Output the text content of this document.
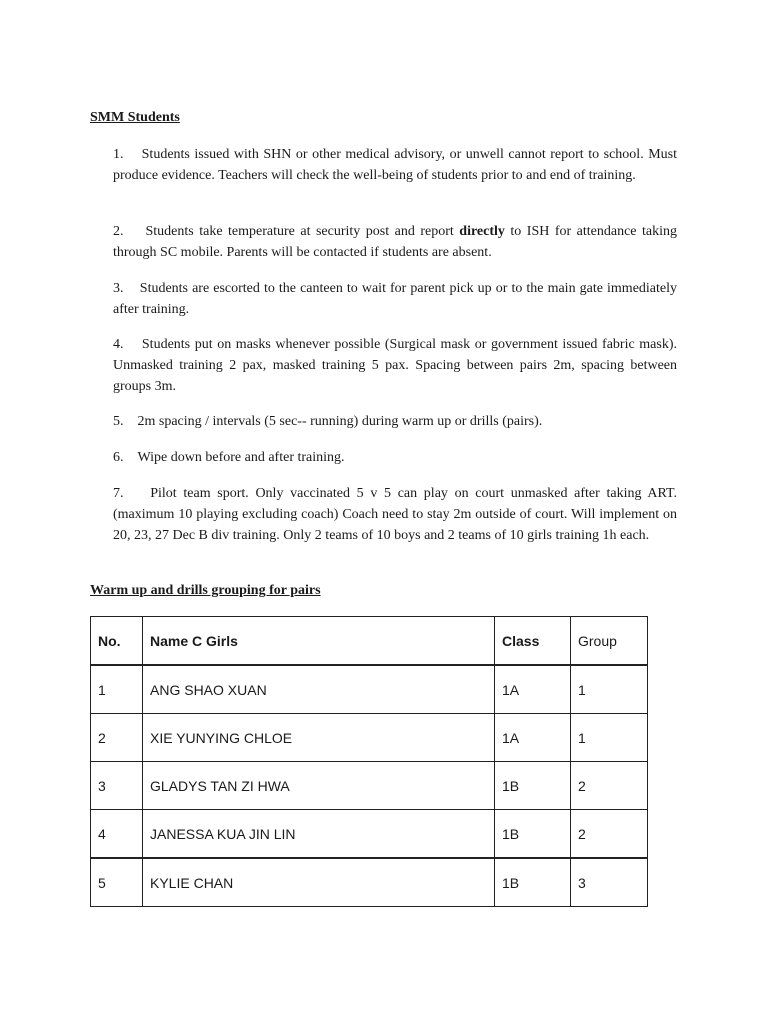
SMM Students

1. Students issued with SHN or other medical advisory, or unwell cannot report to school. Must produce evidence. Teachers will check the well-being of students prior to and end of training.

2. Students take temperature at security post and report directly to ISH for attendance taking through SC mobile. Parents will be contacted if students are absent.

3. Students are escorted to the canteen to wait for parent pick up or to the main gate immediately after training.

4. Students put on masks whenever possible (Surgical mask or government issued fabric mask). Unmasked training 2 pax, masked training 5 pax. Spacing between pairs 2m, spacing between groups 3m.

5. 2m spacing / intervals (5 sec-- running) during warm up or drills (pairs).

6. Wipe down before and after training.

7. Pilot team sport. Only vaccinated 5 v 5 can play on court unmasked after taking ART. (maximum 10 playing excluding coach) Coach need to stay 2m outside of court. Will implement on 20, 23, 27 Dec B div training. Only 2 teams of 10 boys and 2 teams of 10 girls training 1h each.

Warm up and drills grouping for pairs
No.	Name C Girls	Class	Group
1	ANG SHAO XUAN	1A	1
2	XIE YUNYING CHLOE	1A	1
3	GLADYS TAN ZI HWA	1B	2
4	JANESSA KUA JIN LIN	1B	2
5	KYLIE CHAN	1B	3
